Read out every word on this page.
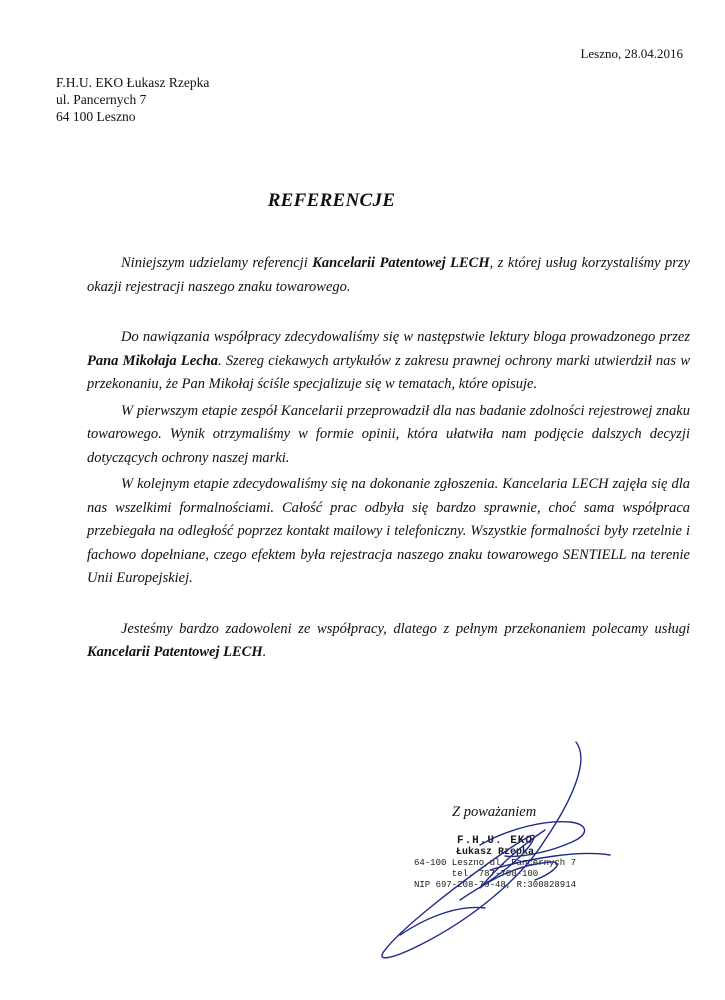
Leszno, 28.04.2016
F.H.U. EKO Łukasz Rzepka
ul. Pancernych 7
64 100 Leszno
REFERENCJE

Niniejszym udzielamy referencji Kancelarii Patentowej LECH, z której usług korzystaliśmy przy okazji rejestracji naszego znaku towarowego.

Do nawiązania współpracy zdecydowaliśmy się w następstwie lektury bloga prowadzonego przez Pana Mikołaja Lecha. Szereg ciekawych artykułów z zakresu prawnej ochrony marki utwierdził nas w przekonaniu, że Pan Mikołaj ściśle specjalizuje się w tematach, które opisuje.

W pierwszym etapie zespół Kancelarii przeprowadził dla nas badanie zdolności rejestrowej znaku towarowego. Wynik otrzymaliśmy w formie opinii, która ułatwiła nam podjęcie dalszych decyzji dotyczących ochrony naszej marki.

W kolejnym etapie zdecydowaliśmy się na dokonanie zgłoszenia. Kancelaria LECH zajęła się dla nas wszelkimi formalnościami. Całość prac odbyła się bardzo sprawnie, choć sama współpraca przebiegała na odległość poprzez kontakt mailowy i telefoniczny. Wszystkie formalności były rzetelnie i fachowo dopełniane, czego efektem była rejestracja naszego znaku towarowego SENTIELL na terenie Unii Europejskiej.

Jesteśmy bardzo zadowoleni ze współpracy, dlatego z pełnym przekonaniem polecamy usługi Kancelarii Patentowej LECH.

Z poważaniem
F.H.U. EKO
Łukasz Rzepka
64-100 Leszno,ul. Pancernych 7
tel. 787-700-100
NIP 697-208-79-48, R:300828914
